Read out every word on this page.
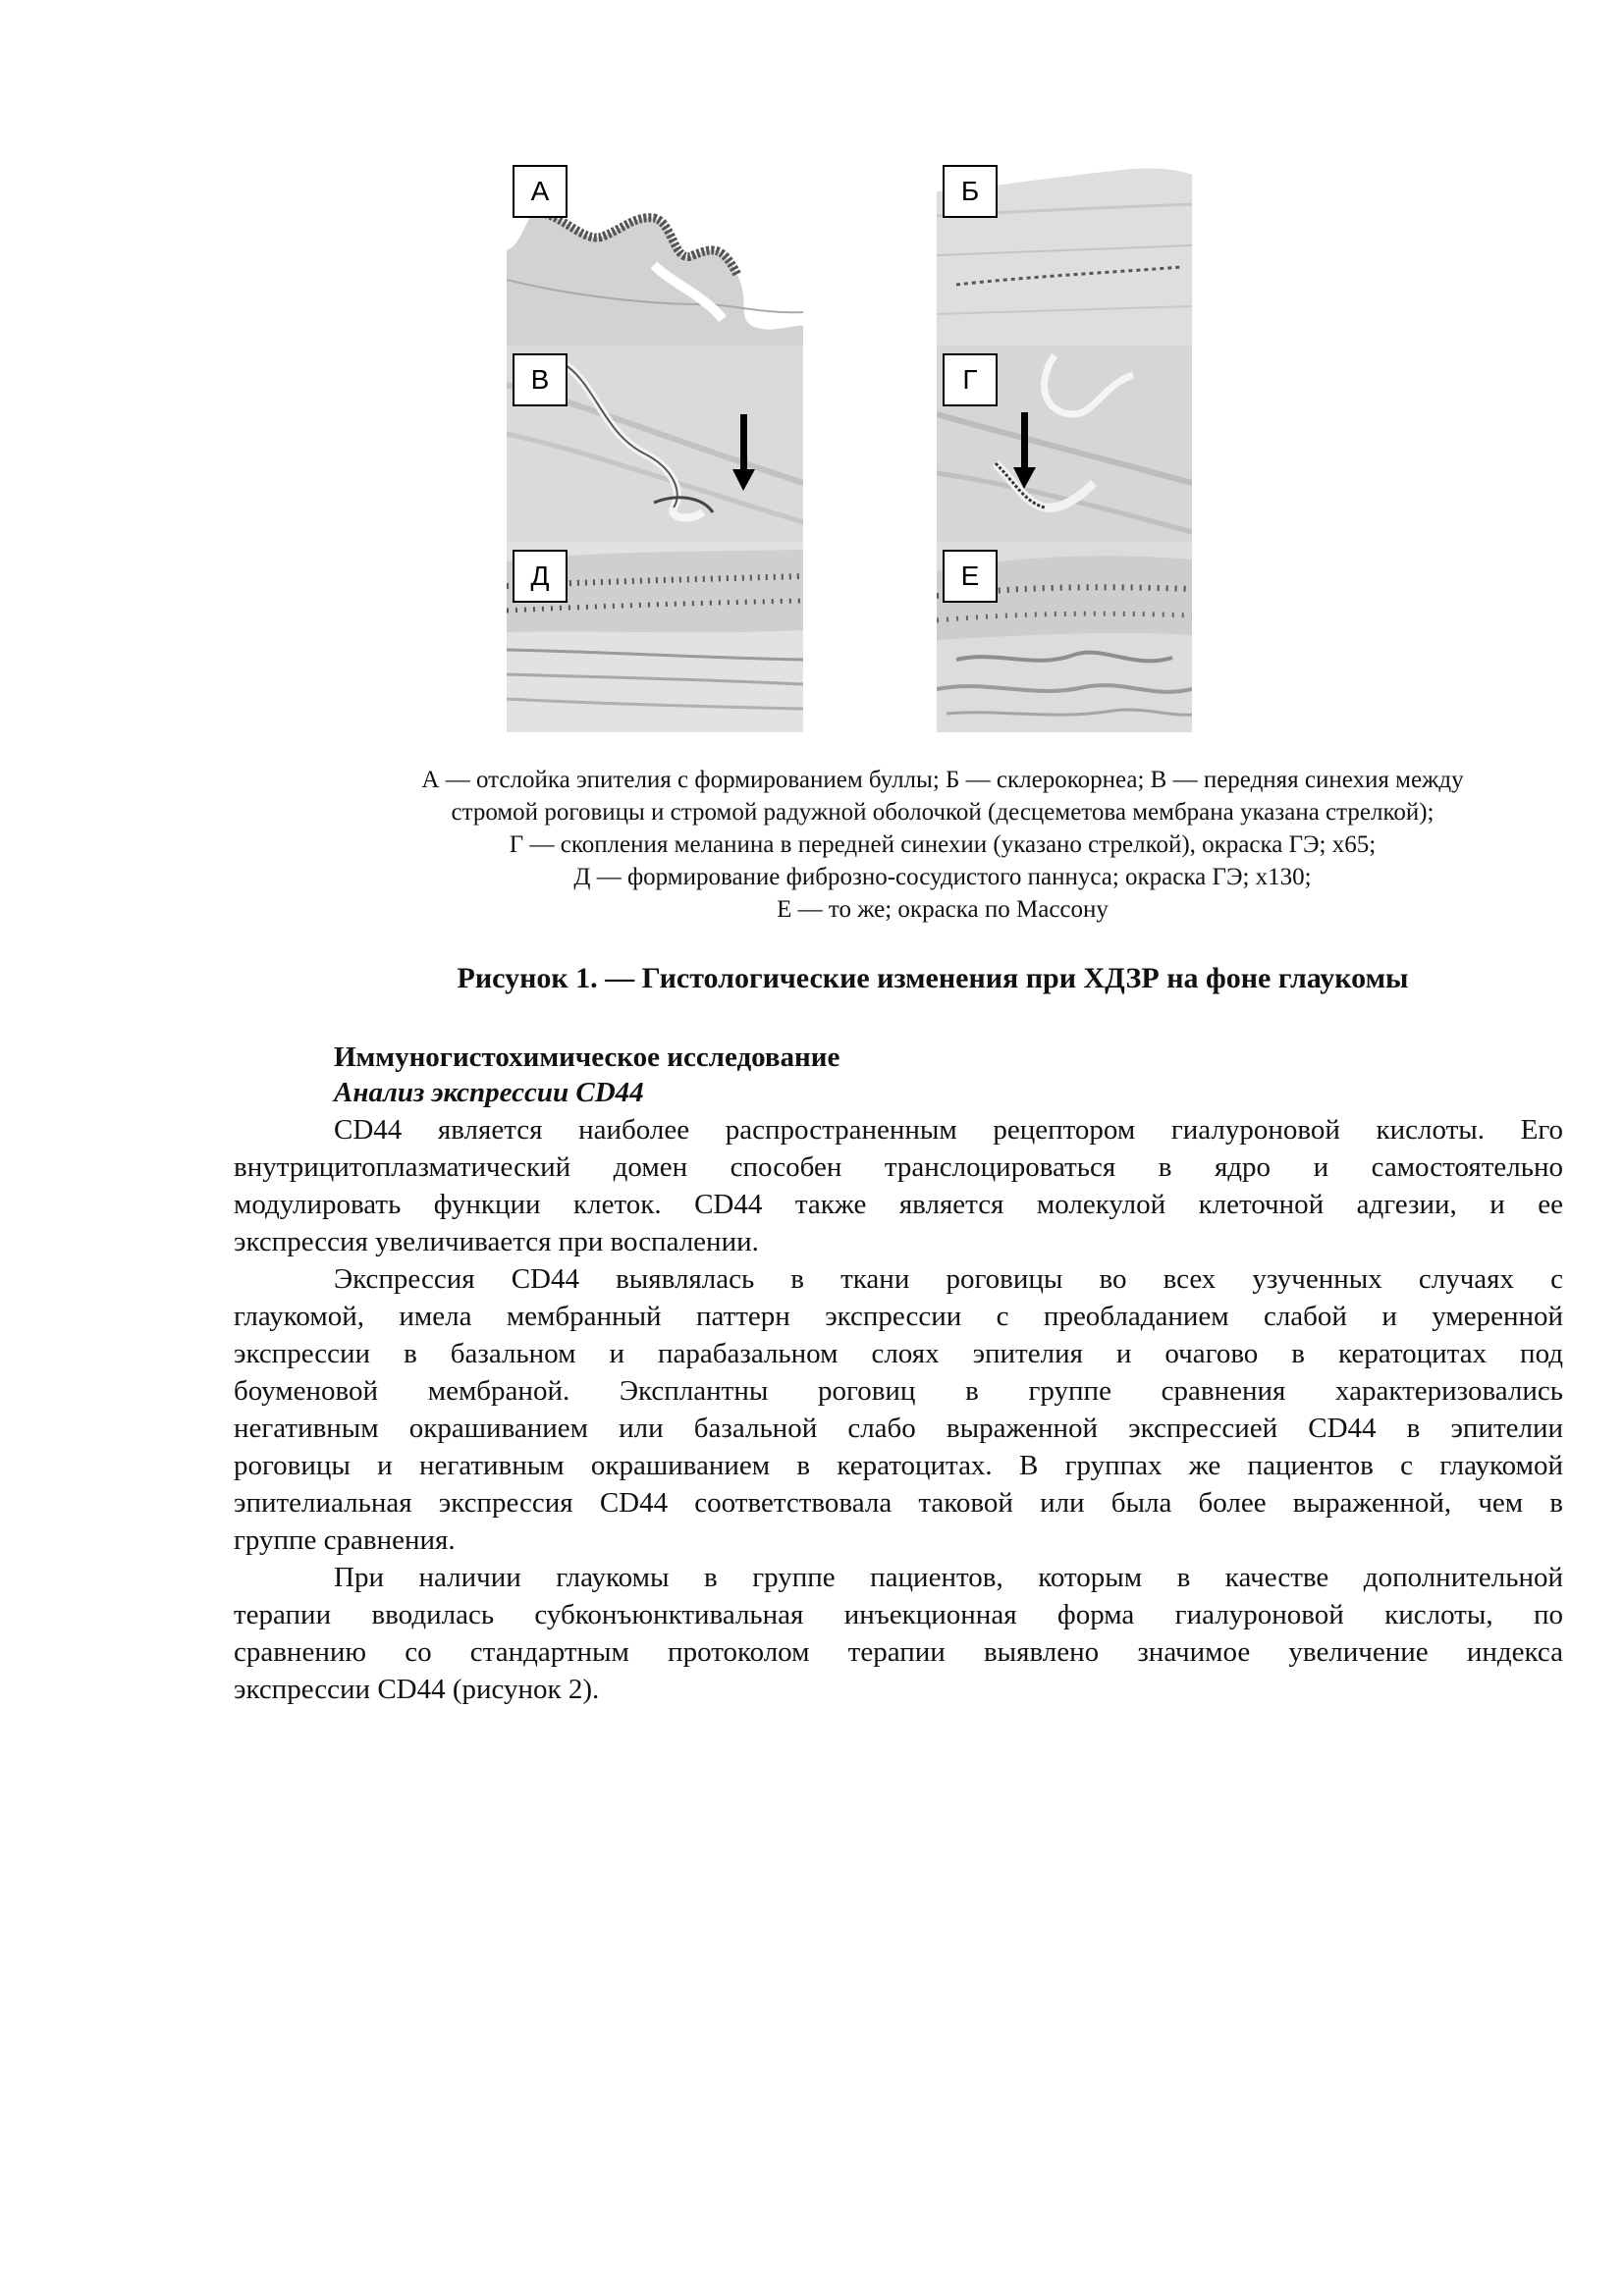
А	Б
В	Г
Д	Е
А — отслойка эпителия с формированием буллы; Б — склерокорнеа; В — передняя синехия между
стромой роговицы и стромой радужной оболочкой (десцеметова мембрана указана стрелкой);
Г — скопления меланина в передней синехии (указано стрелкой), окраска ГЭ; х65;
Д — формирование фиброзно-сосудистого паннуса; окраска ГЭ; х130;
Е — то же; окраска по Массону
Рисунок 1. — Гистологические изменения при ХДЗР на фоне глаукомы
Иммуногистохимическое исследование
Анализ экспрессии CD44
CD44 является наиболее распространенным рецептором гиалуроновой кислоты. Его
внутрицитоплазматический домен способен транслоцироваться в ядро и самостоятельно
модулировать функции клеток. CD44 также является молекулой клеточной адгезии, и ее
экспрессия увеличивается при воспалении.
Экспрессия CD44 выявлялась в ткани роговицы во всех узученных случаях с
глаукомой, имела мембранный паттерн экспрессии с преобладанием слабой и умеренной
экспрессии в базальном и парабазальном слоях эпителия и очагово в кератоцитах под
боуменовой мембраной. Эксплантны роговиц в группе сравнения характеризовались
негативным окрашиванием или базальной слабо выраженной экспрессией CD44 в эпителии
роговицы и негативным окрашиванием в кератоцитах. В группах же пациентов с глаукомой
эпителиальная экспрессия CD44 соответствовала таковой или была более выраженной, чем в
группе сравнения.
При наличии глаукомы в группе пациентов, которым в качестве дополнительной
терапии вводилась субконъюнктивальная инъекционная форма гиалуроновой кислоты, по
сравнению со стандартным протоколом терапии выявлено значимое увеличение индекса
экспрессии CD44 (рисунок 2).
